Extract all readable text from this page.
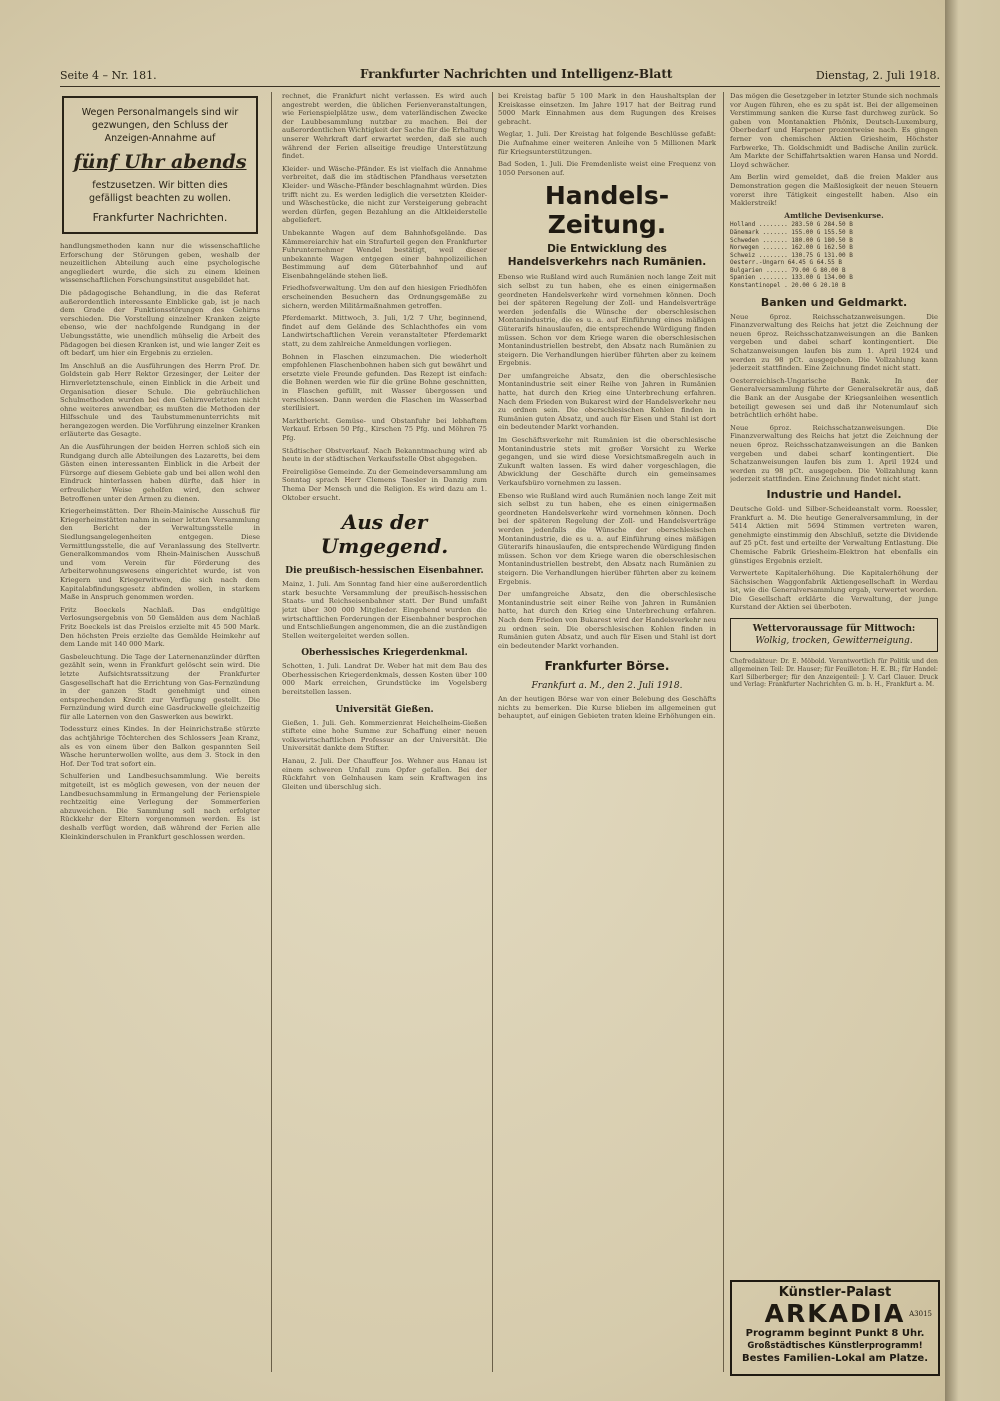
Seite 4 – Nr. 181.	Frankfurter Nachrichten und Intelligenz-Blatt	Dienstag, 2. Juli 1918.
Wegen Personalmangels sind wir gezwungen, den Schluss der Anzeigen-Annahme auf
fünf Uhr abends
festzusetzen. Wir bitten dies gefälligst beachten zu wollen.
Frankfurter Nachrichten.

handlungsmethoden kann nur die wissenschaftliche Erforschung der Störungen geben, weshalb der neuzeitlichen Abteilung auch eine psychologische angegliedert wurde, die sich zu einem kleinen wissenschaftlichen Forschungsinstitut ausgebildet hat.

Die pädagogische Behandlung, in die das Referat außerordentlich interessante Einblicke gab, ist je nach dem Grade der Funktionsstörungen des Gehirns verschieden. Die Vorstellung einzelner Kranken zeigte ebenso, wie der nachfolgende Rundgang in der Uebungsstätte, wie unendlich mühselig die Arbeit des Pädagogen bei diesen Kranken ist, und wie langer Zeit es oft bedarf, um hier ein Ergebnis zu erzielen.

Im Anschluß an die Ausführungen des Herrn Prof. Dr. Goldstein gab Herr Rektor Grzesinger, der Leiter der Hirnverletztenschule, einen Einblick in die Arbeit und Organisation dieser Schule. Die gebräuchlichen Schulmethoden wurden bei den Gehirnverletzten nicht ohne weiteres anwendbar, es mußten die Methoden der Hilfsschule und des Taubstummenunterrichts mit herangezogen werden. Die Vorführung einzelner Kranken erläuterte das Gesagte.

An die Ausführungen der beiden Herren schloß sich ein Rundgang durch alle Abteilungen des Lazaretts, bei dem Gästen einen interessanten Einblick in die Arbeit der Fürsorge auf diesem Gebiete gab und bei allen wohl den Eindruck hinterlassen haben dürfte, daß hier in erfreulicher Weise geholfen wird, den schwer Betroffenen unter den Armen zu dienen.

Kriegerheimstätten. Der Rhein-Mainische Ausschuß für Kriegerheimstätten nahm in seiner letzten Versammlung den Bericht der Verwaltungsstelle in Siedlungsangelegenheiten entgegen. Diese Vermittlungsstelle, die auf Veranlassung des Stellvertr. Generalkommandos vom Rhein-Mainischen Ausschuß und vom Verein für Förderung des Arbeiterwohnungswesens eingerichtet wurde, ist von Kriegern und Kriegerwitwen, die sich nach dem Kapitalabfindungsgesetz abfinden wollen, in starkem Maße in Anspruch genommen worden.

Fritz Boeckels Nachlaß. Das endgültige Verlosungsergebnis von 50 Gemälden aus dem Nachlaß Fritz Boeckels ist das Preislos erzielte mit 45 500 Mark. Den höchsten Preis erzielte das Gemälde Heimkehr auf dem Lande mit 140 000 Mark.

Gasbeleuchtung. Die Tage der Laternenanzünder dürften gezählt sein, wenn in Frankfurt gelöscht sein wird. Die letzte Aufsichtsratssitzung der Frankfurter Gasgesellschaft hat die Errichtung von Gas-Fernzündung in der ganzen Stadt genehmigt und einen entsprechenden Kredit zur Verfügung gestellt. Die Fernzündung wird durch eine Gasdruckwelle gleichzeitig für alle Laternen von den Gaswerken aus bewirkt.

Todessturz eines Kindes. In der Heinrichstraße stürzte das achtjährige Töchterchen des Schlossers Jean Kranz, als es von einem über den Balkon gespannten Seil Wäsche herunterwollen wollte, aus dem 3. Stock in den Hof. Der Tod trat sofort ein.

Schulferien und Landbesuchsammlung. Wie bereits mitgeteilt, ist es möglich gewesen, von der neuen der Landbesuchsammlung in Ermangelung der Ferienspiele rechtzeitig eine Verlegung der Sommerferien abzuweichen. Die Sammlung soll nach erfolgter Rückkehr der Eltern vorgenommen werden. Es ist deshalb verfügt worden, daß während der Ferien alle Kleinkinderschulen in Frankfurt geschlossen werden.

rechnet, die Frankfurt nicht verlassen. Es wird auch angestrebt werden, die üblichen Ferienveranstaltungen, wie Ferienspielplätze usw., dem vaterländischen Zwecke der Laubbesammlung nutzbar zu machen. Bei der außerordentlichen Wichtigkeit der Sache für die Erhaltung unserer Wehrkraft darf erwartet werden, daß sie auch während der Ferien allseitige freudige Unterstützung findet.

Kleider- und Wäsche-Pfänder. Es ist vielfach die Annahme verbreitet, daß die im städtischen Pfandhaus versetzten Kleider- und Wäsche-Pfänder beschlagnahmt würden. Dies trifft nicht zu. Es werden lediglich die versetzten Kleider- und Wäschestücke, die nicht zur Versteigerung gebracht werden dürfen, gegen Bezahlung an die Altkleiderstelle abgeliefert.

Unbekannte Wagen auf dem Bahnhofsgelände. Das Kämmereiarchiv hat ein Strafurteil gegen den Frankfurter Fuhrunternehmer Wendel bestätigt, weil dieser unbekannte Wagen entgegen einer bahnpolizeilichen Bestimmung auf dem Güterbahnhof und auf Eisenbahngelände stehen ließ.

Friedhofsverwaltung. Um den auf den hiesigen Friedhöfen erscheinenden Besuchern das Ordnungsgemäße zu sichern, werden Militärmaßnahmen getroffen.

Pferdemarkt. Mittwoch, 3. Juli, 1/2 7 Uhr, beginnend, findet auf dem Gelände des Schlachthofes ein vom Landwirtschaftlichen Verein veranstalteter Pferdemarkt statt, zu dem zahlreiche Anmeldungen vorliegen.

Bohnen in Flaschen einzumachen. Die wiederholt empfohlenen Flaschenbohnen haben sich gut bewährt und ersetzte viele Freunde gefunden. Das Rezept ist einfach: die Bohnen werden wie für die grüne Bohne geschnitten, in Flaschen gefüllt, mit Wasser übergossen und verschlossen. Dann werden die Flaschen im Wasserbad sterilisiert.

Marktbericht. Gemüse- und Obstanfuhr bei lebhaftem Verkauf. Erbsen 50 Pfg., Kirschen 75 Pfg. und Möhren 75 Pfg.

Städtischer Obstverkauf. Nach Bekanntmachung wird ab heute in der städtischen Verkaufsstelle Obst abgegeben.

Freireligiöse Gemeinde. Zu der Gemeindeversammlung am Sonntag sprach Herr Clemens Taesler in Danzig zum Thema Der Mensch und die Religion. Es wird dazu am 1. Oktober ersucht.

Aus der Umgegend.
Die preußisch-hessischen Eisenbahner.

Mainz, 1. Juli. Am Sonntag fand hier eine außerordentlich stark besuchte Versammlung der preußisch-hessischen Staats- und Reichseisenbahner statt. Der Bund umfaßt jetzt über 300 000 Mitglieder. Eingehend wurden die wirtschaftlichen Forderungen der Eisenbahner besprochen und Entschließungen angenommen, die an die zuständigen Stellen weitergeleitet werden sollen.

Oberhessisches Kriegerdenkmal.

Schotten, 1. Juli. Landrat Dr. Weber hat mit dem Bau des Oberhessischen Kriegerdenkmals, dessen Kosten über 100 000 Mark erreichen, Grundstücke im Vogelsberg bereitstellen lassen.

Universität Gießen.

Gießen, 1. Juli. Geh. Kommerzienrat Heichelheim-Gießen stiftete eine hohe Summe zur Schaffung einer neuen volkswirtschaftlichen Professur an der Universität. Die Universität dankte dem Stifter.

Hanau, 2. Juli. Der Chauffeur Jos. Wehner aus Hanau ist einem schweren Unfall zum Opfer gefallen. Bei der Rückfahrt von Gelnhausen kam sein Kraftwagen ins Gleiten und überschlug sich.

bei Kreistag bafür 5 100 Mark in den Haushaltsplan der Kreiskasse einsetzen. Im Jahre 1917 hat der Beitrag rund 5000 Mark Einnahmen aus dem Rugungen des Kreises gebracht.

Weglar, 1. Juli. Der Kreistag hat folgende Beschlüsse gefaßt: Die Aufnahme einer weiteren Anleihe von 5 Millionen Mark für Kriegsunterstützungen.

Bad Soden, 1. Juli. Die Fremdenliste weist eine Frequenz von 1050 Personen auf.

Handels-Zeitung.
Die Entwicklung des Handelsverkehrs nach Rumänien.

Ebenso wie Rußland wird auch Rumänien noch lange Zeit mit sich selbst zu tun haben, ehe es einen einigermaßen geordneten Handelsverkehr wird vornehmen können. Doch bei der späteren Regelung der Zoll- und Handelsverträge werden jedenfalls die Wünsche der oberschlesischen Montanindustrie, die es u. a. auf Einführung eines mäßigen Güterarifs hinauslaufen, die entsprechende Würdigung finden müssen. Schon vor dem Kriege waren die oberschlesischen Montanindustriellen bestrebt, den Absatz nach Rumänien zu steigern. Die Verhandlungen hierüber führten aber zu keinem Ergebnis.

Der umfangreiche Absatz, den die oberschlesische Montanindustrie seit einer Reihe von Jahren in Rumänien hatte, hat durch den Krieg eine Unterbrechung erfahren. Nach dem Frieden von Bukarest wird der Handelsverkehr neu zu ordnen sein. Die oberschlesischen Kohlen finden in Rumänien guten Absatz, und auch für Eisen und Stahl ist dort ein bedeutender Markt vorhanden.

Im Geschäftsverkehr mit Rumänien ist die oberschlesische Montanindustrie stets mit großer Vorsicht zu Werke gegangen, und sie wird diese Vorsichtsmaßregeln auch in Zukunft walten lassen. Es wird daher vorgeschlagen, die Abwicklung der Geschäfte durch ein gemeinsames Verkaufsbüro vornehmen zu lassen.

Ebenso wie Rußland wird auch Rumänien noch lange Zeit mit sich selbst zu tun haben, ehe es einen einigermaßen geordneten Handelsverkehr wird vornehmen können. Doch bei der späteren Regelung der Zoll- und Handelsverträge werden jedenfalls die Wünsche der oberschlesischen Montanindustrie, die es u. a. auf Einführung eines mäßigen Güterarifs hinauslaufen, die entsprechende Würdigung finden müssen. Schon vor dem Kriege waren die oberschlesischen Montanindustriellen bestrebt, den Absatz nach Rumänien zu steigern. Die Verhandlungen hierüber führten aber zu keinem Ergebnis.

Der umfangreiche Absatz, den die oberschlesische Montanindustrie seit einer Reihe von Jahren in Rumänien hatte, hat durch den Krieg eine Unterbrechung erfahren. Nach dem Frieden von Bukarest wird der Handelsverkehr neu zu ordnen sein. Die oberschlesischen Kohlen finden in Rumänien guten Absatz, und auch für Eisen und Stahl ist dort ein bedeutender Markt vorhanden.

Frankfurter Börse.
Frankfurt a. M., den 2. Juli 1918.

An der heutigen Börse war von einer Belebung des Geschäfts nichts zu bemerken. Die Kurse blieben im allgemeinen gut behauptet, auf einigen Gebieten traten kleine Erhöhungen ein.

Das mögen die Gesetzgeber in letzter Stunde sich nochmals vor Augen führen, ehe es zu spät ist. Bei der allgemeinen Verstimmung sanken die Kurse fast durchweg zurück. So gaben von Montanaktien Phönix, Deutsch-Luxemburg, Oberbedarf und Harpener prozentweise nach. Es gingen ferner von chemischen Aktien Griesheim, Höchster Farbwerke, Th. Goldschmidt und Badische Anilin zurück. Am Markte der Schiffahrtsaktien waren Hansa und Nordd. Lloyd schwächer.

Am Berlin wird gemeldet, daß die freien Makler aus Demonstration gegen die Maßlosigkeit der neuen Steuern vorerst ihre Tätigkeit eingestellt haben. Also ein Maklerstreik!

Amtliche Devisenkurse.
Holland ........ 283.50 G 284.50 B
Dänemark ....... 155.00 G 155.50 B
Schweden ....... 180.00 G 180.50 B
Norwegen ....... 162.00 G 162.50 B
Schweiz ........ 130.75 G 131.00 B
Oesterr.-Ungarn 64.45 G 64.55 B
Bulgarien ...... 79.00 G 80.00 B
Spanien ........ 133.00 G 134.00 B
Konstantinopel . 20.00 G 20.10 B
Banken und Geldmarkt.

Neue 6proz. Reichsschatzanweisungen. Die Finanzverwaltung des Reichs hat jetzt die Zeichnung der neuen 6proz. Reichsschatzanweisungen an die Banken vergeben und dabei scharf kontingentiert. Die Schatzanweisungen laufen bis zum 1. April 1924 und werden zu 98 pCt. ausgegeben. Die Vollzahlung kann jederzeit stattfinden. Eine Zeichnung findet nicht statt.

Oesterreichisch-Ungarische Bank. In der Generalversammlung führte der Generalsekretär aus, daß die Bank an der Ausgabe der Kriegsanleihen wesentlich beteiligt gewesen sei und daß ihr Notenumlauf sich beträchtlich erhöht habe.

Neue 6proz. Reichsschatzanweisungen. Die Finanzverwaltung des Reichs hat jetzt die Zeichnung der neuen 6proz. Reichsschatzanweisungen an die Banken vergeben und dabei scharf kontingentiert. Die Schatzanweisungen laufen bis zum 1. April 1924 und werden zu 98 pCt. ausgegeben. Die Vollzahlung kann jederzeit stattfinden. Eine Zeichnung findet nicht statt.

Industrie und Handel.

Deutsche Gold- und Silber-Scheideanstalt vorm. Roessler, Frankfurt a. M. Die heutige Generalversammlung, in der 5414 Aktien mit 5694 Stimmen vertreten waren, genehmigte einstimmig den Abschluß, setzte die Dividende auf 25 pCt. fest und erteilte der Verwaltung Entlastung. Die Chemische Fabrik Griesheim-Elektron hat ebenfalls ein günstiges Ergebnis erzielt.

Verwertete Kapitalerhöhung. Die Kapitalerhöhung der Sächsischen Waggonfabrik Aktiengesellschaft in Werdau ist, wie die Generalversammlung ergab, verwertet worden. Die Gesellschaft erklärte die Verwaltung, der junge Kurstand der Aktien sei überboten.

Wettervoraussage für Mittwoch:
Wolkig, trocken, Gewitterneigung.

Chefredakteur: Dr. E. Möbold. Verantwortlich für Politik und den allgemeinen Teil: Dr. Hauser; für Feuilleton: H. E. Bl.; für Handel: Karl Silberberger; für den Anzeigenteil: J. V. Carl Clauer. Druck und Verlag: Frankfurter Nachrichten G. m. b. H., Frankfurt a. M.

Künstler-Palast
ARKADIA A3015
Programm beginnt Punkt 8 Uhr.
Großstädtisches Künstlerprogramm!
Bestes Familien-Lokal am Platze.
